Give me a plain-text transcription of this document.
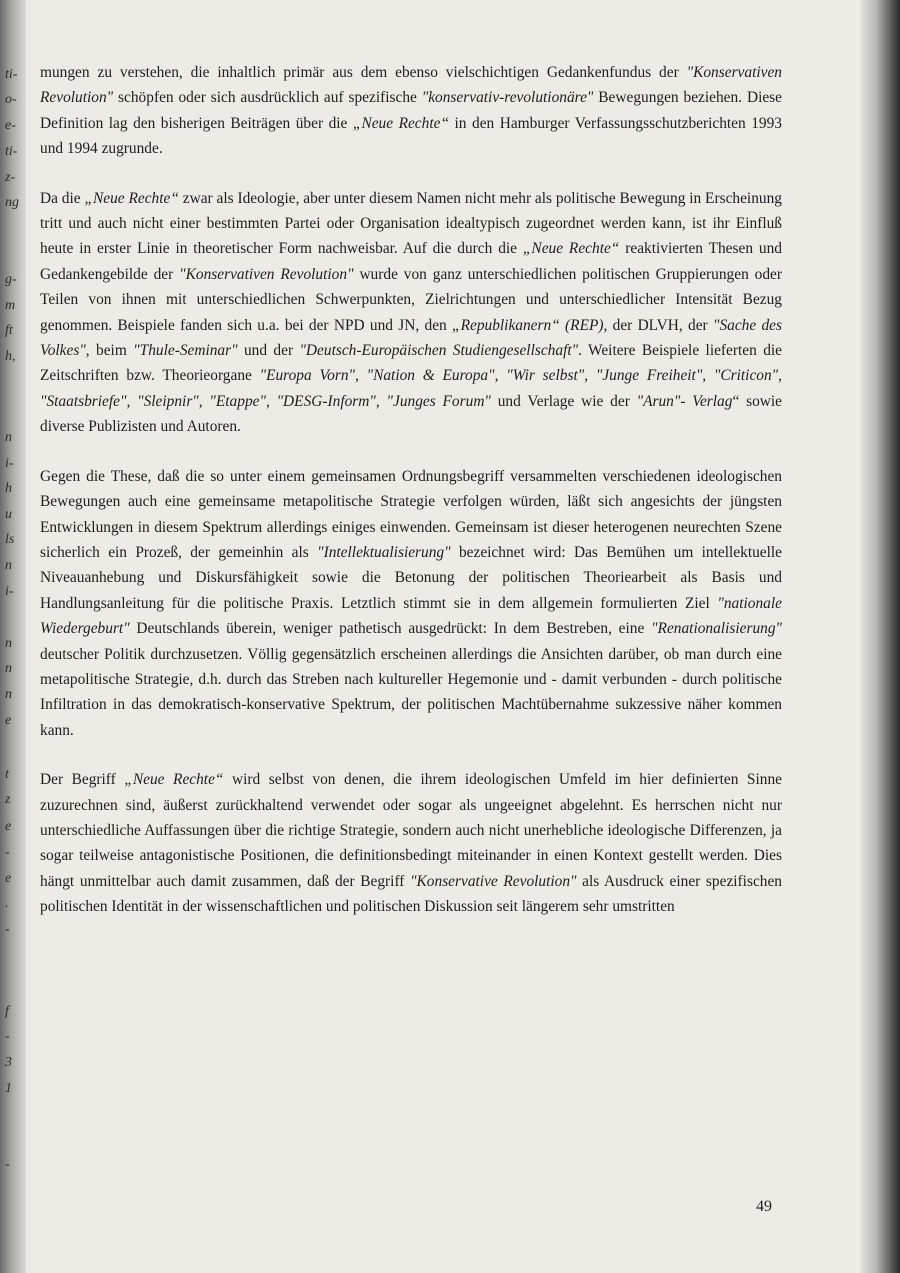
ti-
o-
e-
ti-
z-
ng
g-
m
ft
h,
n
i-
h
u
ls
n
i-
n
n
n
e
t
z
e
-
e
.
-
f
-
3
1
-

mungen zu verstehen, die inhaltlich primär aus dem ebenso vielschichtigen Gedankenfundus der "Konservativen Revolution" schöpfen oder sich ausdrücklich auf spezifische "konservativ-revolutionäre" Bewegungen beziehen. Diese Definition lag den bisherigen Beiträgen über die „Neue Rechte“ in den Hamburger Verfassungsschutzberichten 1993 und 1994 zugrunde.

Da die „Neue Rechte“ zwar als Ideologie, aber unter diesem Namen nicht mehr als politische Bewegung in Erscheinung tritt und auch nicht einer bestimmten Partei oder Organisation idealtypisch zugeordnet werden kann, ist ihr Einfluß heute in erster Linie in theoretischer Form nachweisbar. Auf die durch die „Neue Rechte“ reaktivierten Thesen und Gedankengebilde der "Konservativen Revolution" wurde von ganz unterschiedlichen politischen Gruppierungen oder Teilen von ihnen mit unterschiedlichen Schwerpunkten, Zielrichtungen und unterschiedlicher Intensität Bezug genommen. Beispiele fanden sich u.a. bei der NPD und JN, den „Republikanern“ (REP), der DLVH, der "Sache des Volkes", beim "Thule-Seminar" und der "Deutsch-Europäischen Studiengesellschaft". Weitere Beispiele lieferten die Zeitschriften bzw. Theorieorgane "Europa Vorn", "Nation & Europa", "Wir selbst", "Junge Freiheit", "Criticon", "Staatsbriefe", "Sleipnir", "Etappe", "DESG-Inform", "Junges Forum" und Verlage wie der "Arun"- Verlag“ sowie diverse Publizisten und Autoren.

Gegen die These, daß die so unter einem gemeinsamen Ordnungsbegriff versammelten verschiedenen ideologischen Bewegungen auch eine gemeinsame metapolitische Strategie verfolgen würden, läßt sich angesichts der jüngsten Entwicklungen in diesem Spektrum allerdings einiges einwenden. Gemeinsam ist dieser heterogenen neurechten Szene sicherlich ein Prozeß, der gemeinhin als "Intellektualisierung" bezeichnet wird: Das Bemühen um intellektuelle Niveauanhebung und Diskursfähigkeit sowie die Betonung der politischen Theoriearbeit als Basis und Handlungsanleitung für die politische Praxis. Letztlich stimmt sie in dem allgemein formulierten Ziel "nationale Wiedergeburt" Deutschlands überein, weniger pathetisch ausgedrückt: In dem Bestreben, eine "Renationalisierung" deutscher Politik durchzusetzen. Völlig gegensätzlich erscheinen allerdings die Ansichten darüber, ob man durch eine metapolitische Strategie, d.h. durch das Streben nach kultureller Hegemonie und - damit verbunden - durch politische Infiltration in das demokratisch-konservative Spektrum, der politischen Machtübernahme sukzessive näher kommen kann.

Der Begriff „Neue Rechte“ wird selbst von denen, die ihrem ideologischen Umfeld im hier definierten Sinne zuzurechnen sind, äußerst zurückhaltend verwendet oder sogar als ungeeignet abgelehnt. Es herrschen nicht nur unterschiedliche Auffassungen über die richtige Strategie, sondern auch nicht unerhebliche ideologische Differenzen, ja sogar teilweise antagonistische Positionen, die definitionsbedingt miteinander in einen Kontext gestellt werden. Dies hängt unmittelbar auch damit zusammen, daß der Begriff "Konservative Revolution" als Ausdruck einer spezifischen politischen Identität in der wissenschaftlichen und politischen Diskussion seit längerem sehr umstritten

49
